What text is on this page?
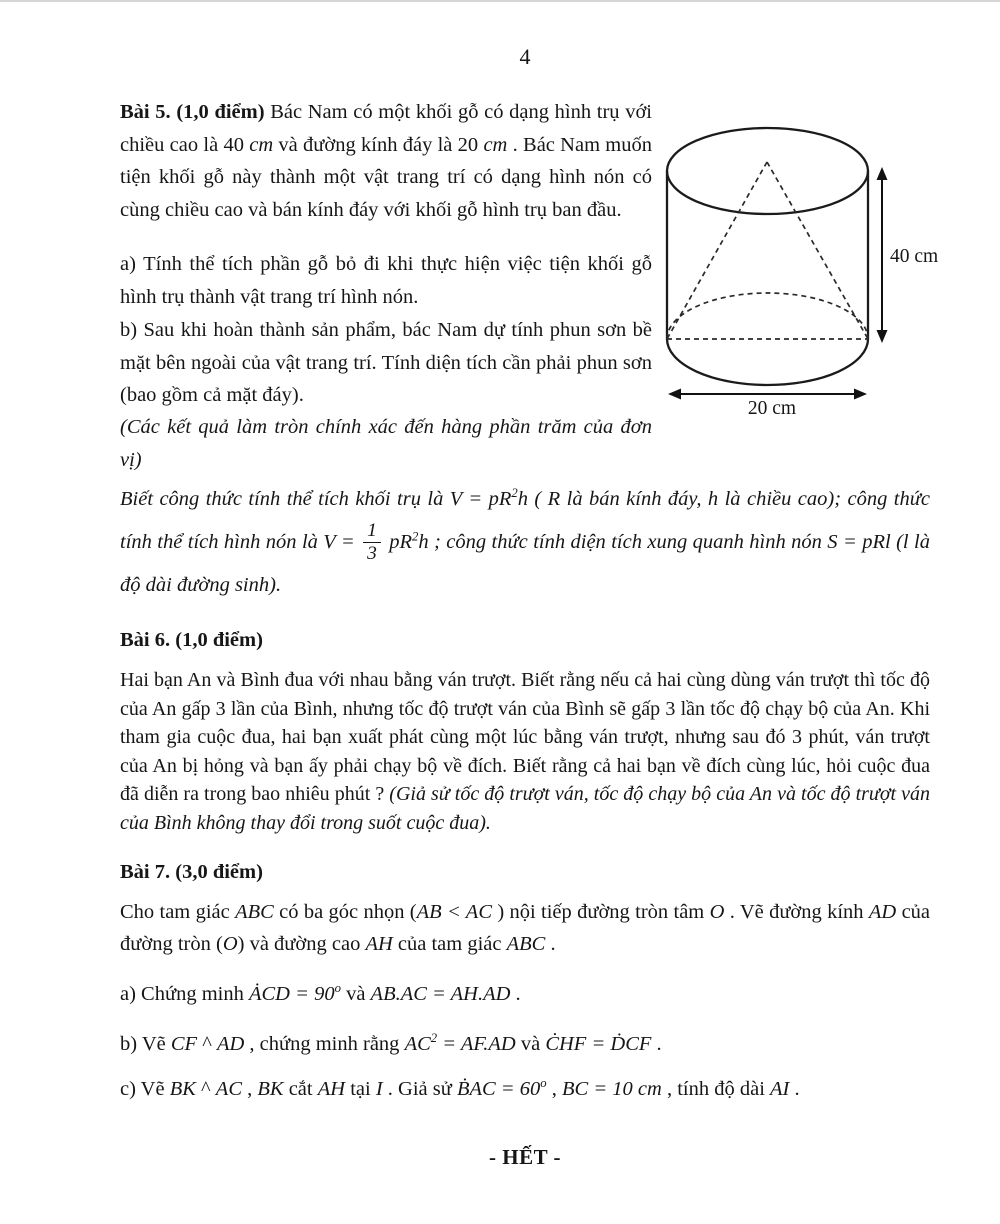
4
Bài 5. (1,0 điểm) Bác Nam có một khối gỗ có dạng hình trụ với chiều cao là 40 cm và đường kính đáy là 20 cm . Bác Nam muốn tiện khối gỗ này thành một vật trang trí có dạng hình nón có cùng chiều cao và bán kính đáy với khối gỗ hình trụ ban đầu.
a) Tính thể tích phần gỗ bỏ đi khi thực hiện việc tiện khối gỗ hình trụ thành vật trang trí hình nón.
b) Sau khi hoàn thành sản phẩm, bác Nam dự tính phun sơn bề mặt bên ngoài của vật trang trí. Tính diện tích cần phải phun sơn (bao gồm cả mặt đáy).
(Các kết quả làm tròn chính xác đến hàng phần trăm của đơn vị)
40 cm
20 cm
Biết công thức tính thể tích khối trụ là $V = pR^2h$ ( R là bán kính đáy, h là chiều cao); công thức tính thể tích hình nón là $V = \frac{1}{3} pR^2h$ ; công thức tính diện tích xung quanh hình nón S = pRl (l là độ dài đường sinh).
Bài 6. (1,0 điểm)
Hai bạn An và Bình đua với nhau bằng ván trượt. Biết rằng nếu cả hai cùng dùng ván trượt thì tốc độ của An gấp 3 lần của Bình, nhưng tốc độ trượt ván của Bình sẽ gấp 3 lần tốc độ chạy bộ của An. Khi tham gia cuộc đua, hai bạn xuất phát cùng một lúc bằng ván trượt, nhưng sau đó 3 phút, ván trượt của An bị hỏng và bạn ấy phải chạy bộ về đích. Biết rằng cả hai bạn về đích cùng lúc, hỏi cuộc đua đã diễn ra trong bao nhiêu phút ? (Giả sử tốc độ trượt ván, tốc độ chạy bộ của An và tốc độ trượt ván của Bình không thay đổi trong suốt cuộc đua).
Bài 7. (3,0 điểm)
Cho tam giác ABC có ba góc nhọn (AB < AC ) nội tiếp đường tròn tâm O . Vẽ đường kính AD của đường tròn (O) và đường cao AH của tam giác ABC .
a) Chứng minh ȦCD = $90^o$ và AB.AC = AH.AD .
b) Vẽ CF ^ AD , chứng minh rằng $AC^2 = AF.AD$ và ĊHF = ḊCF .
c) Vẽ BK ^ AC , BK cắt AH tại I . Giả sử ḂAC = $60^o$ , BC = 10 cm , tính độ dài AI .
- HẾT -
